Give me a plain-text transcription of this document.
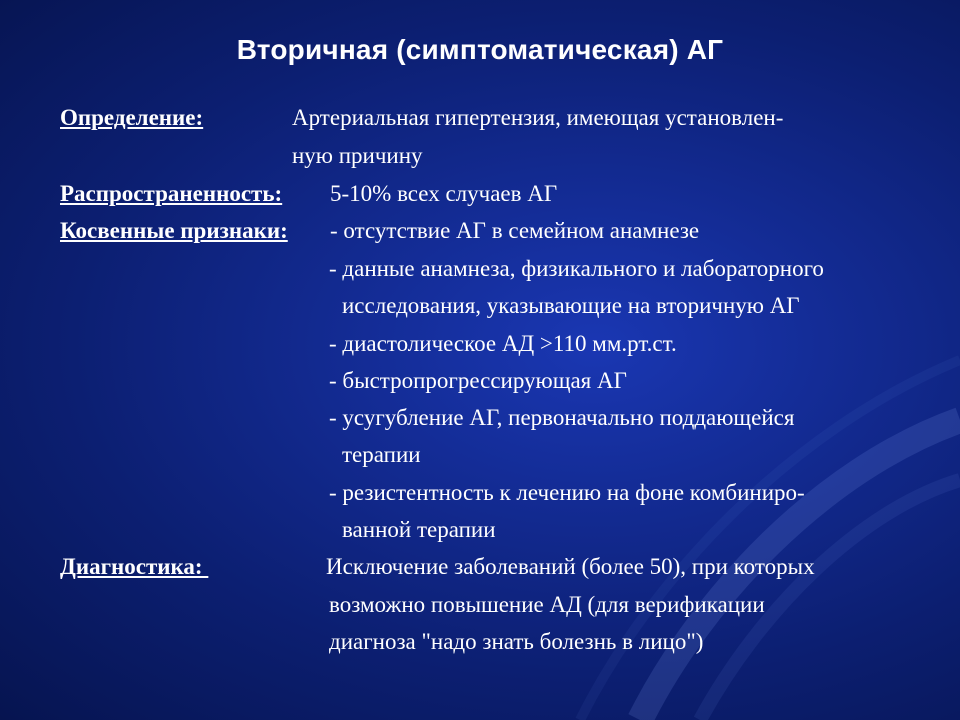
Вторичная (симптоматическая) АГ
Определение:	Артериальная гипертензия, имеющая установлен-
ную причину
Распространенность: 5-10% всех случаев АГ
Косвенные признаки: - отсутствие АГ в семейном анамнезе
- данные анамнеза, физикального и лабораторного
исследования, указывающие на вторичную АГ
- диастолическое АД >110 мм.рт.ст.
- быстропрогрессирующая АГ
- усугубление АГ, первоначально поддающейся
терапии
- резистентность к лечению на фоне комбиниро-
ванной терапии
Диагностика:	Исключение заболеваний (более 50), при которых
возможно повышение АД (для верификации
диагноза "надо знать болезнь в лицо")
